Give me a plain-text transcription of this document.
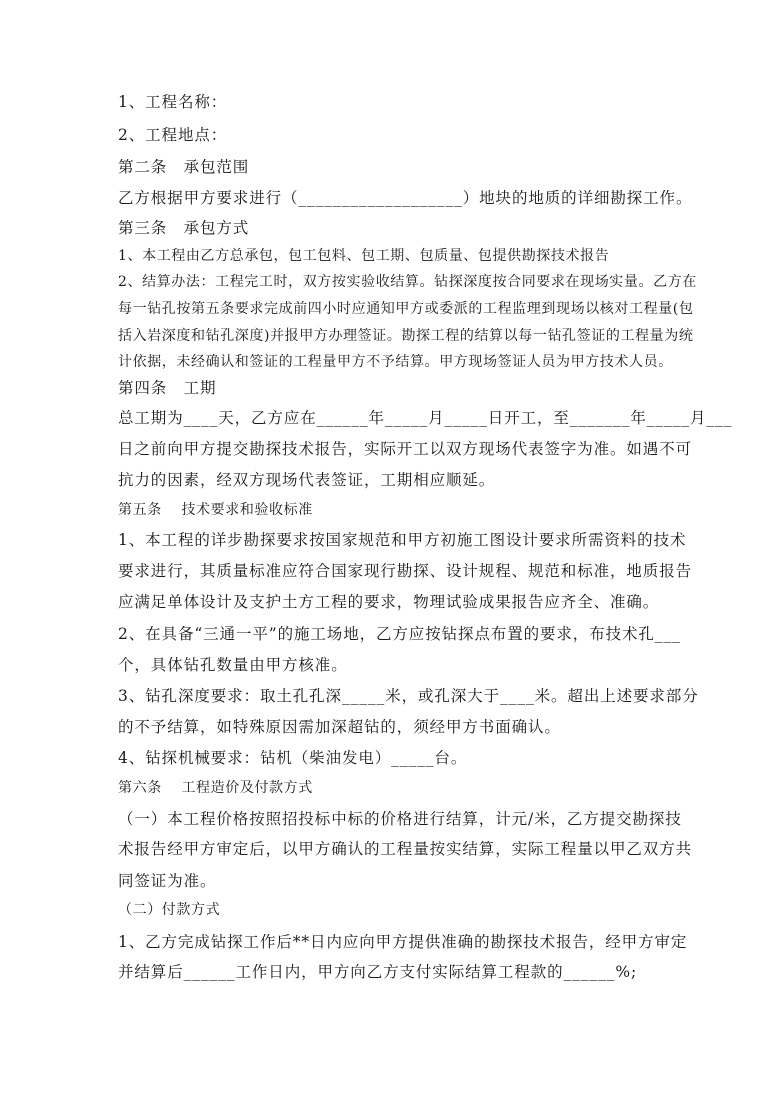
1、工程名称：
2、工程地点：
第二条　承包范围
乙方根据甲方要求进行（___________________）地块的地质的详细勘探工作。
第三条　承包方式
1、本工程由乙方总承包，包工包料、包工期、包质量、包提供勘探技术报告
2、结算办法：工程完工时，双方按实验收结算。钻探深度按合同要求在现场实量。乙方在
每一钻孔按第五条要求完成前四小时应通知甲方或委派的工程监理到现场以核对工程量(包
括入岩深度和钻孔深度)并报甲方办理签证。勘探工程的结算以每一钻孔签证的工程量为统
计依据，未经确认和签证的工程量甲方不予结算。甲方现场签证人员为甲方技术人员。
第四条　工期
总工期为____天，乙方应在______年_____月_____日开工，至_______年_____月___
日之前向甲方提交勘探技术报告，实际开工以双方现场代表签字为准。如遇不可
抗力的因素，经双方现场代表签证，工期相应顺延。
第五条　 技术要求和验收标准
1、本工程的详步勘探要求按国家规范和甲方初施工图设计要求所需资料的技术
要求进行，其质量标准应符合国家现行勘探、设计规程、规范和标准，地质报告
应满足单体设计及支护土方工程的要求，物理试验成果报告应齐全、准确。
2、在具备“三通一平”的施工场地，乙方应按钻探点布置的要求，布技术孔___
个，具体钻孔数量由甲方核准。
3、钻孔深度要求：取土孔孔深_____米，或孔深大于____米。超出上述要求部分
的不予结算，如特殊原因需加深超钻的，须经甲方书面确认。
4、钻探机械要求：钻机（柴油发电）_____台。
第六条　 工程造价及付款方式
（一）本工程价格按照招投标中标的价格进行结算，计元/米，乙方提交勘探技
术报告经甲方审定后，以甲方确认的工程量按实结算，实际工程量以甲乙双方共
同签证为准。
（二）付款方式
1、乙方完成钻探工作后**日内应向甲方提供准确的勘探技术报告，经甲方审定
并结算后______工作日内，甲方向乙方支付实际结算工程款的______%;
